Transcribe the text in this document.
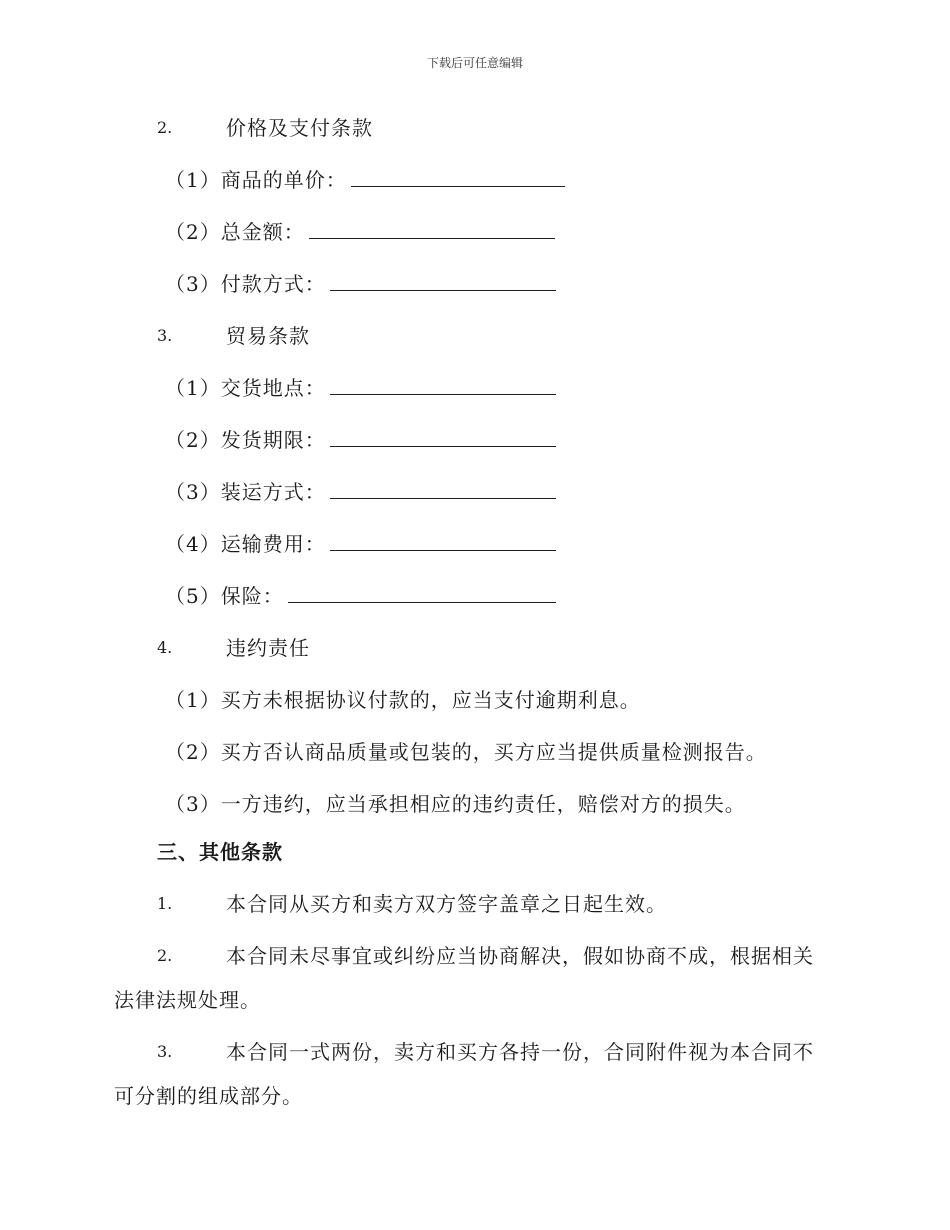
下载后可任意编辑
2.	价格及支付条款
（1）商品的单价：
（2）总金额：
（3）付款方式：
3.	贸易条款
（1）交货地点：
（2）发货期限：
（3）装运方式：
（4）运输费用：
（5）保险：
4.	违约责任
（1）买方未根据协议付款的，应当支付逾期利息。
（2）买方否认商品质量或包装的，买方应当提供质量检测报告。
（3）一方违约，应当承担相应的违约责任，赔偿对方的损失。
三、其他条款
1.	本合同从买方和卖方双方签字盖章之日起生效。
2.	本合同未尽事宜或纠纷应当协商解决，假如协商不成，根据相关
法律法规处理。
3.	本合同一式两份，卖方和买方各持一份，合同附件视为本合同不
可分割的组成部分。
